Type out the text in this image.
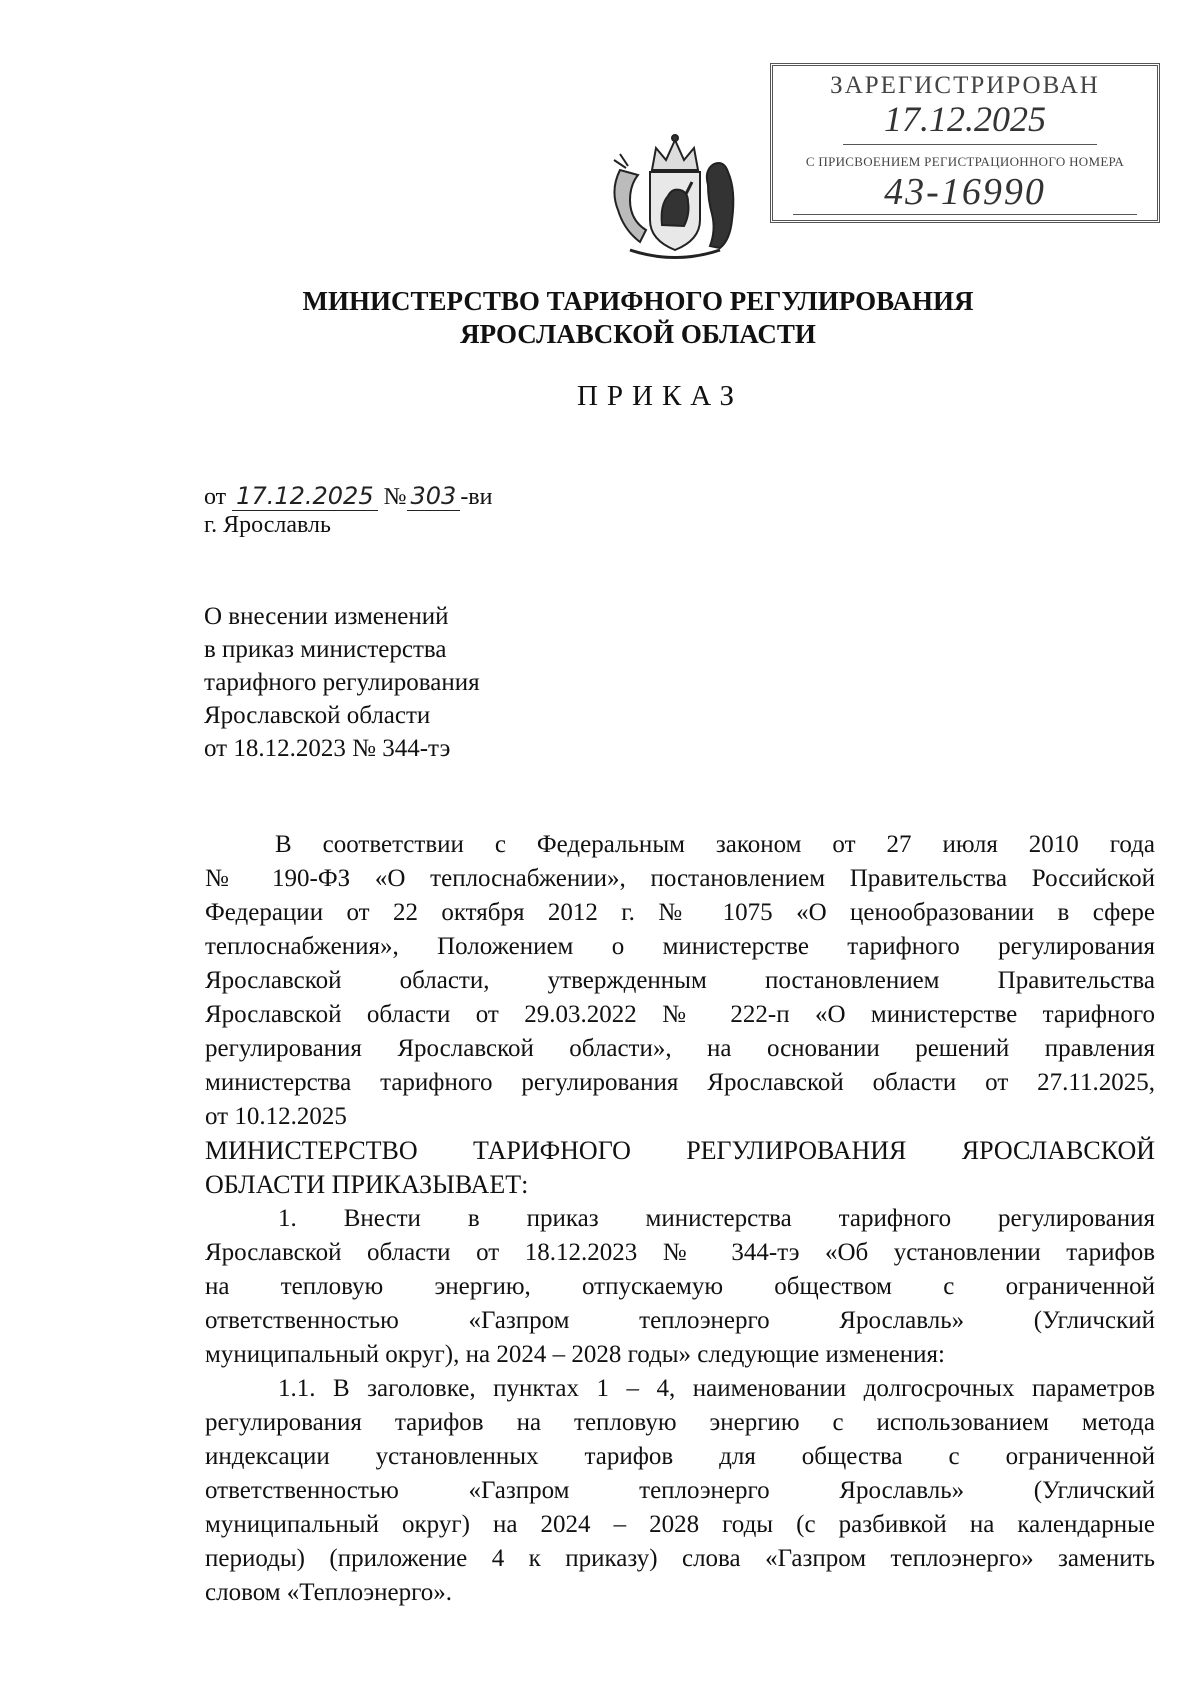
ЗАРЕГИСТРИРОВАН
17.12.2025
С ПРИСВОЕНИЕМ РЕГИСТРАЦИОННОГО НОМЕРА
43-16990
МИНИСТЕРСТВО ТАРИФНОГО РЕГУЛИРОВАНИЯ
ЯРОСЛАВСКОЙ ОБЛАСТИ
ПРИКАЗ
от 17.12.2025 № 303 -ви
г. Ярославль
О внесении изменений
в приказ министерства
тарифного регулирования
Ярославской области
от 18.12.2023 № 344-тэ
В соответствии с Федеральным законом от 27 июля 2010 года
№ 190-ФЗ «О теплоснабжении», постановлением Правительства Российской
Федерации от 22 октября 2012 г. № 1075 «О ценообразовании в сфере
теплоснабжения», Положением о министерстве тарифного регулирования
Ярославской области, утвержденным постановлением Правительства
Ярославской области от 29.03.2022 № 222-п «О министерстве тарифного
регулирования Ярославской области», на основании решений правления
министерства тарифного регулирования Ярославской области от 27.11.2025,
от 10.12.2025
МИНИСТЕРСТВО ТАРИФНОГО РЕГУЛИРОВАНИЯ ЯРОСЛАВСКОЙ
ОБЛАСТИ ПРИКАЗЫВАЕТ:
1. Внести в приказ министерства тарифного регулирования
Ярославской области от 18.12.2023 № 344-тэ «Об установлении тарифов
на тепловую энергию, отпускаемую обществом с ограниченной
ответственностью «Газпром теплоэнерго Ярославль» (Угличский
муниципальный округ), на 2024 – 2028 годы» следующие изменения:
1.1. В заголовке, пунктах 1 – 4, наименовании долгосрочных параметров
регулирования тарифов на тепловую энергию с использованием метода
индексации установленных тарифов для общества с ограниченной
ответственностью «Газпром теплоэнерго Ярославль» (Угличский
муниципальный округ) на 2024 – 2028 годы (с разбивкой на календарные
периоды) (приложение 4 к приказу) слова «Газпром теплоэнерго» заменить
словом «Теплоэнерго».
